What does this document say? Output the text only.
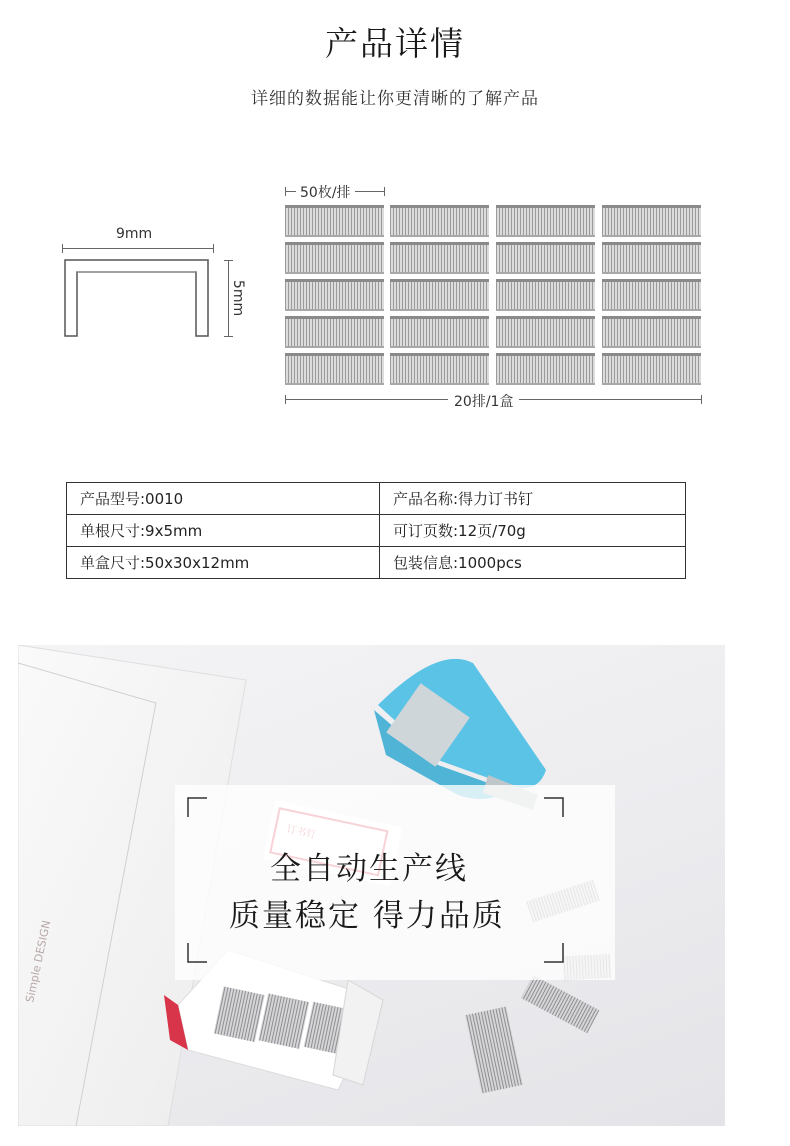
产品详情
详细的数据能让你更清晰的了解产品
9mm
5mm
50枚/排
20排/1盒
产品型号:0010	产品名称:得力订书钉
单根尺寸:9x5mm	可订页数:12页/70g
单盒尺寸:50x30x12mm	包装信息:1000pcs
Simple DESIGN
全自动生产线
质量稳定 得力品质
